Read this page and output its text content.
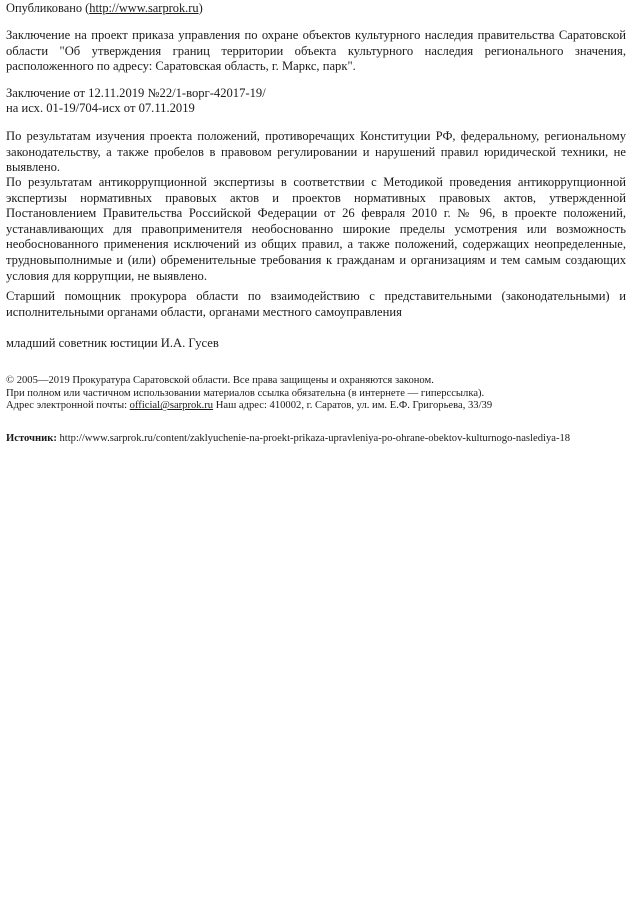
Опубликовано (http://www.sarprok.ru)

Заключение на проект приказа управления по охране объектов культурного наследия правительства Саратовской области "Об утверждения границ территории объекта культурного наследия регионального значения, расположенного по адресу: Саратовская область, г. Маркс, парк".

Заключение от 12.11.2019 №22/1-ворг-42017-19/

на исх. 01-19/704-исх от 07.11.2019

По результатам изучения проекта положений, противоречащих Конституции РФ, федеральному, региональному законодательству, а также пробелов в правовом регулировании и нарушений правил юридической техники, не выявлено.

По результатам антикоррупционной экспертизы в соответствии с Методикой проведения антикоррупционной экспертизы нормативных правовых актов и проектов нормативных правовых актов, утвержденной Постановлением Правительства Российской Федерации от 26 февраля 2010 г. № 96, в проекте положений, устанавливающих для правоприменителя необоснованно широкие пределы усмотрения или возможность необоснованного применения исключений из общих правил, а также положений, содержащих неопределенные, трудновыполнимые и (или) обременительные требования к гражданам и организациям и тем самым создающих условия для коррупции, не выявлено.

Старший помощник прокурора области по взаимодействию с представительными (законодательными) и исполнительными органами области, органами местного самоуправления

младший советник юстиции И.А. Гусев

© 2005—2019 Прокуратура Саратовской области. Все права защищены и охраняются законом.

При полном или частичном использовании материалов ссылка обязательна (в интернете — гиперссылка).

Адрес электронной почты: official@sarprok.ru Наш адрес: 410002, г. Саратов, ул. им. Е.Ф. Григорьева, 33/39

Источник: http://www.sarprok.ru/content/zaklyuchenie-na-proekt-prikaza-upravleniya-po-ohrane-obektov-kulturnogo-naslediya-18
